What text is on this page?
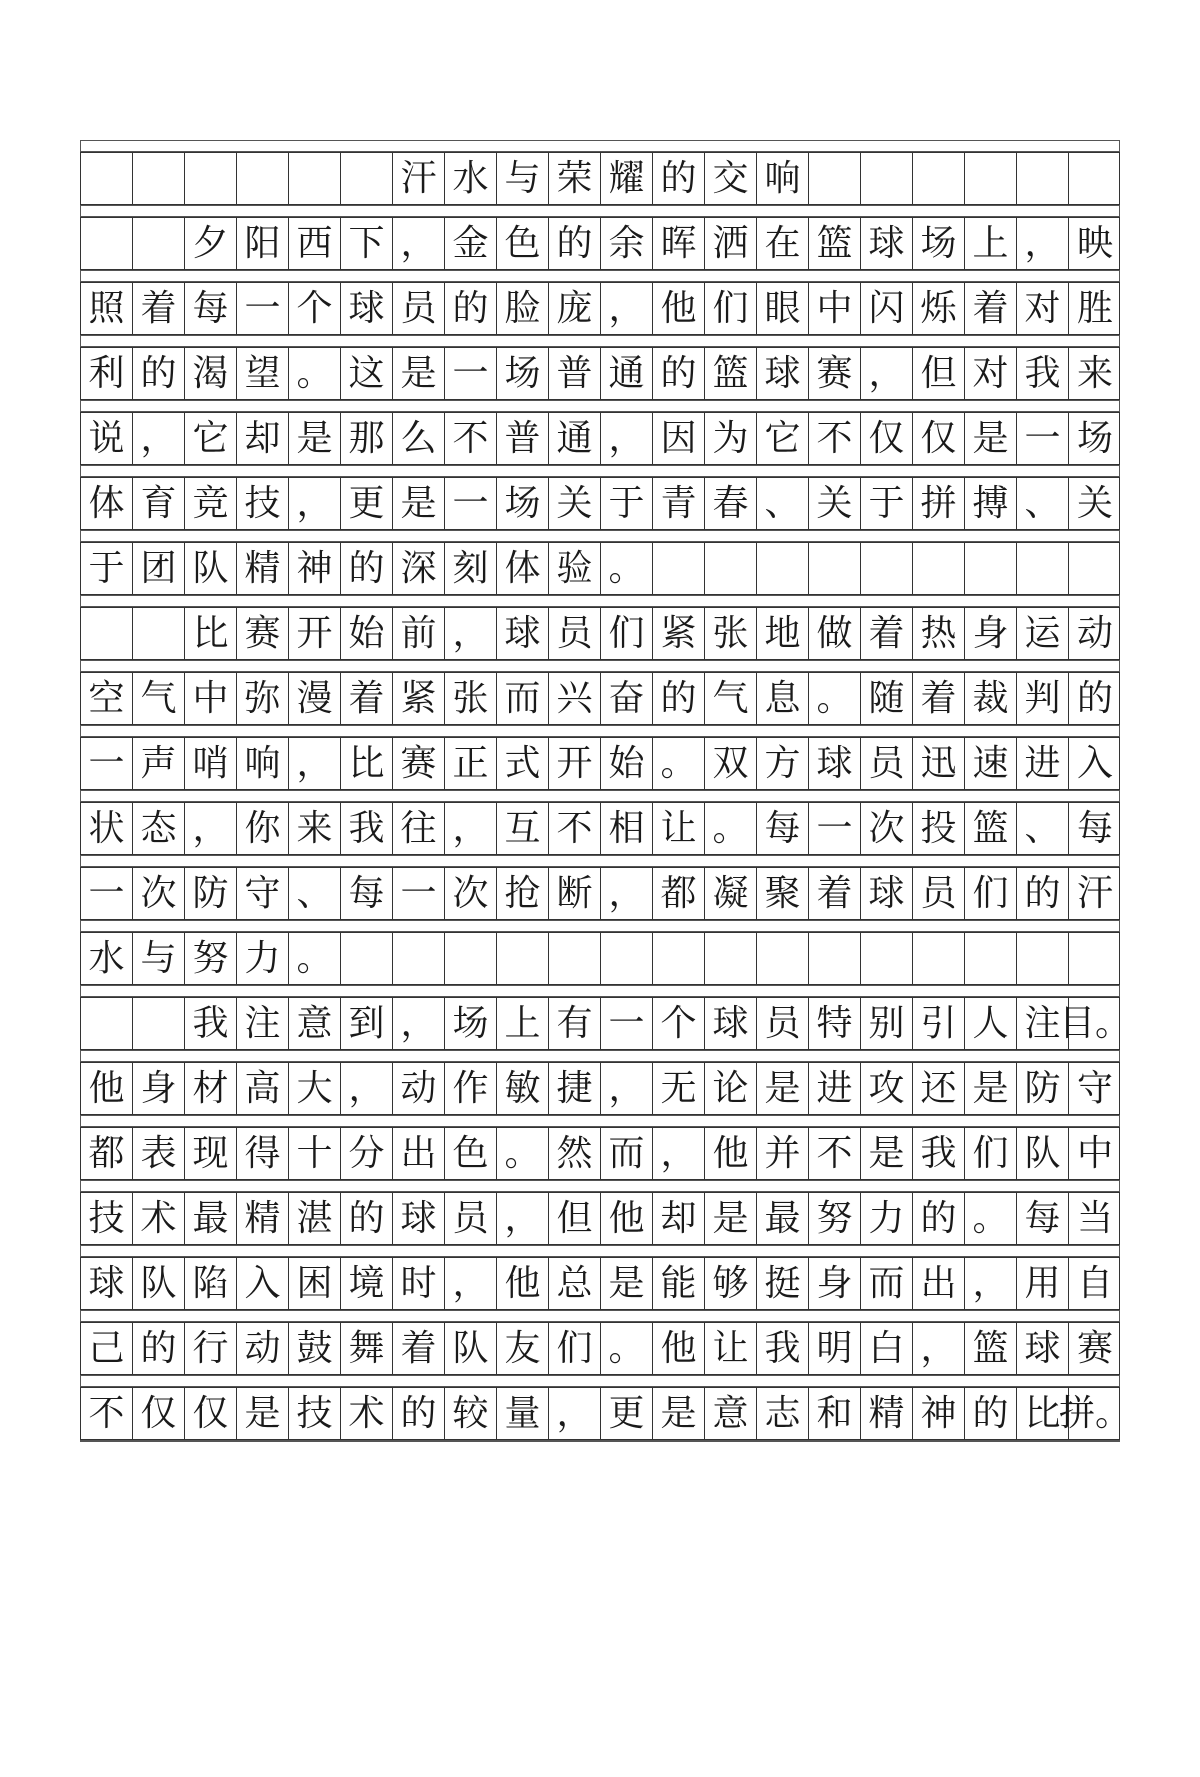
汗 水 与 荣 耀 的 交 响
夕 阳 西 下 ， 金 色 的 余 晖 洒 在 篮 球 场 上 ， 映
照 着 每 一 个 球 员 的 脸 庞 ， 他 们 眼 中 闪 烁 着 对 胜
利 的 渴 望 。 这 是 一 场 普 通 的 篮 球 赛 ， 但 对 我 来
说 ， 它 却 是 那 么 不 普 通 ， 因 为 它 不 仅 仅 是 一 场
体 育 竞 技 ， 更 是 一 场 关 于 青 春 、 关 于 拼 搏 、 关
于 团 队 精 神 的 深 刻 体 验 。
比 赛 开 始 前 ， 球 员 们 紧 张 地 做 着 热 身 运 动
空 气 中 弥 漫 着 紧 张 而 兴 奋 的 气 息 。 随 着 裁 判 的
一 声 哨 响 ， 比 赛 正 式 开 始 。 双 方 球 员 迅 速 进 入
状 态 ， 你 来 我 往 ， 互 不 相 让 。 每 一 次 投 篮 、 每
一 次 防 守 、 每 一 次 抢 断 ， 都 凝 聚 着 球 员 们 的 汗
水 与 努 力 。
我 注 意 到 ， 场 上 有 一 个 球 员 特 别 引 人 注
目。
他 身 材 高 大 ， 动 作 敏 捷 ， 无 论 是 进 攻 还 是 防 守
都 表 现 得 十 分 出 色 。 然 而 ， 他 并 不 是 我 们 队 中
技 术 最 精 湛 的 球 员 ， 但 他 却 是 最 努 力 的 。 每 当
球 队 陷 入 困 境 时 ， 他 总 是 能 够 挺 身 而 出 ， 用 自
己 的 行 动 鼓 舞 着 队 友 们 。 他 让 我 明 白 ， 篮 球 赛
不 仅 仅 是 技 术 的 较 量 ， 更 是 意 志 和 精 神 的 比
拼。
